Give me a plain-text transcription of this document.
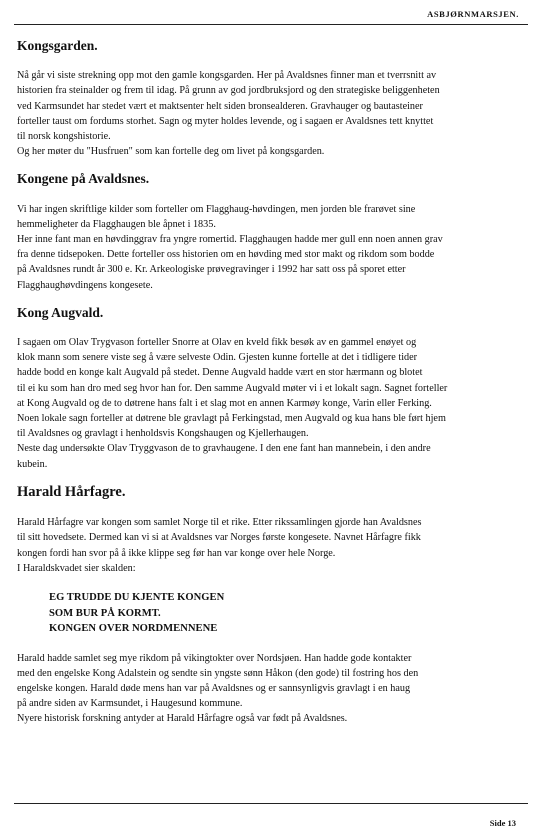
ASBJØRNMARSJEN.
Kongsgarden.
Nå går vi siste strekning opp mot den gamle kongsgarden. Her på Avaldsnes finner man et tverrsnitt av
historien fra steinalder og frem til idag. På grunn av god jordbruksjord og den strategiske beliggenheten
ved Karmsundet har stedet vært et maktsenter helt siden bronsealderen. Gravhauger og bautasteiner
forteller taust om fordums storhet. Sagn og myter holdes levende, og i sagaen er Avaldsnes tett knyttet
til norsk kongshistorie.
Og her møter du "Husfruen" som kan fortelle deg om livet på kongsgarden.
Kongene på Avaldsnes.
Vi har ingen skriftlige kilder som forteller om Flagghaug-høvdingen, men jorden ble frarøvet sine
hemmeligheter da Flagghaugen ble åpnet i 1835.
Her inne fant man en høvdinggrav fra yngre romertid. Flagghaugen hadde mer gull enn noen annen grav
fra denne tidsepoken. Dette forteller oss historien om en høvding med stor makt og rikdom som bodde
på Avaldsnes rundt år 300 e. Kr. Arkeologiske prøvegravinger i 1992 har satt oss på sporet etter
Flagghaughøvdingens kongesete.
Kong Augvald.
I sagaen om Olav Trygvason forteller Snorre at Olav en kveld fikk besøk av en gammel enøyet og
klok mann som senere viste seg å være selveste Odin. Gjesten kunne fortelle at det i tidligere tider
hadde bodd en konge kalt Augvald på stedet. Denne Augvald hadde vært en stor hærmann og blotet
til ei ku som han dro med seg hvor han for. Den samme Augvald møter vi i et lokalt sagn. Sagnet forteller
at Kong Augvald og de to døtrene hans falt i et slag mot en annen Karmøy konge, Varin eller Ferking.
Noen lokale sagn forteller at døtrene ble gravlagt på Ferkingstad, men Augvald og kua hans ble ført hjem
til Avaldsnes og gravlagt i henholdsvis Kongshaugen og Kjellerhaugen.
Neste dag undersøkte Olav Tryggvason de to gravhaugene. I den ene fant han mannebein, i den andre
kubein.
Harald Hårfagre.
Harald Hårfagre var kongen som samlet Norge til et rike. Etter rikssamlingen gjorde han Avaldsnes
til sitt hovedsete. Dermed kan vi si at Avaldsnes var Norges første kongesete. Navnet Hårfagre fikk
kongen fordi han svor på å ikke klippe seg før han var konge over hele Norge.
I Haraldskvadet sier skalden:
EG TRUDDE DU KJENTE KONGEN
SOM BUR PÅ KORMT.
KONGEN OVER NORDMENNENE
Harald hadde samlet seg mye rikdom på vikingtokter over Nordsjøen. Han hadde gode kontakter
med den engelske Kong Adalstein og sendte sin yngste sønn Håkon (den gode) til fostring hos den
engelske kongen. Harald døde mens han var på Avaldsnes og er sannsynligvis gravlagt i en haug
på andre siden av Karmsundet, i Haugesund kommune.
Nyere historisk forskning antyder at Harald Hårfagre også var født på Avaldsnes.
Side 13
